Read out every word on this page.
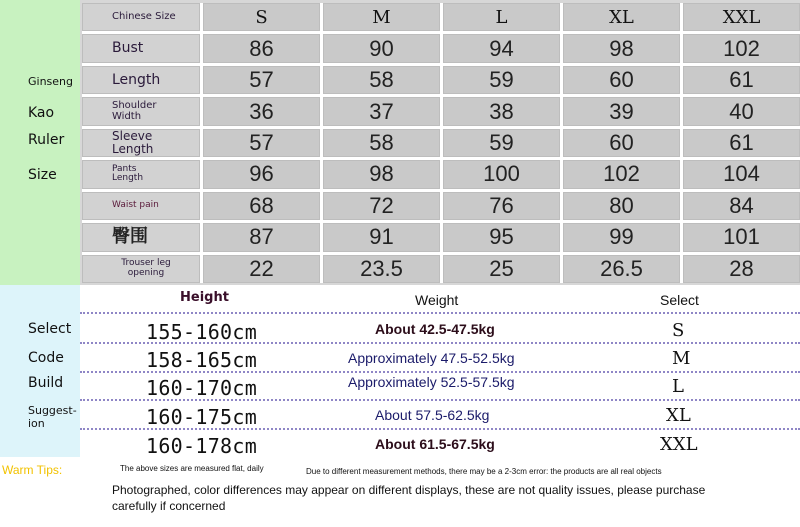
Ginseng
Kao
Ruler
Size
Chinese Size	S	M	L	XL	XXL
Bust	86	90	94	98	102
Length	57	58	59	60	61
Shoulder Width	36	37	38	39	40
Sleeve Length	57	58	59	60	61
Pants Length	96	98	100	102	104
Waist pain	68	72	76	80	84
臀围	87	91	95	99	101
Trouser leg opening	22	23.5	25	26.5	28
Select
Code
Build
Suggest-ion
Height	Weight	Select
155-160cm	About 42.5-47.5kg	S
158-165cm	Approximately 47.5-52.5kg	M
160-170cm	Approximately 52.5-57.5kg	L
160-175cm	About 57.5-62.5kg	XL
160-178cm	About 61.5-67.5kg	XXL
Warm Tips:	The above sizes are measured flat, daily	Due to different measurement methods, there may be a 2-3cm error: the products are all real objects
Photographed, color differences may appear on different displays, these are not quality issues, please purchase carefully if concerned
